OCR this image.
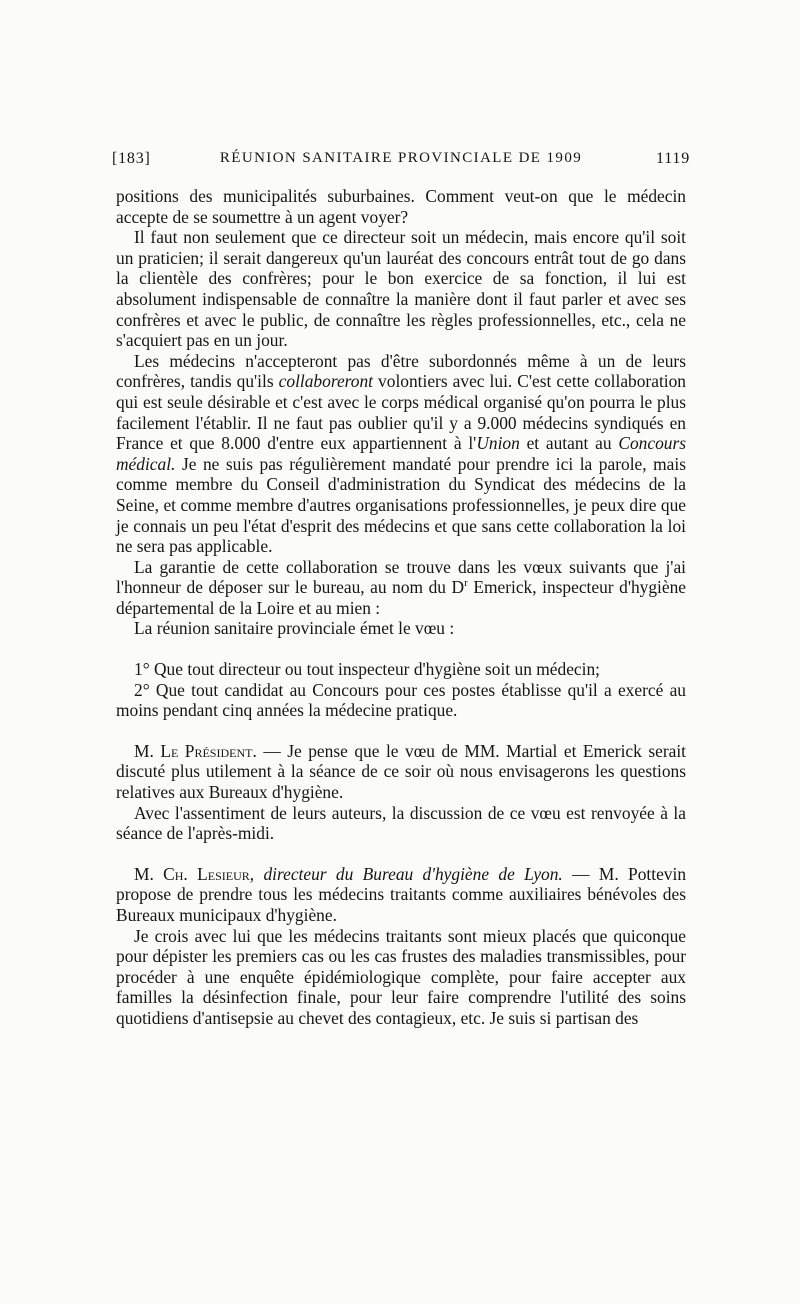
[183]	RÉUNION SANITAIRE PROVINCIALE DE 1909	1119

positions des municipalités suburbaines. Comment veut-on que le médecin accepte de se soumettre à un agent voyer?

Il faut non seulement que ce directeur soit un médecin, mais encore qu'il soit un praticien; il serait dangereux qu'un lauréat des concours entrât tout de go dans la clientèle des confrères; pour le bon exercice de sa fonction, il lui est absolument indispensable de connaître la manière dont il faut parler et avec ses confrères et avec le public, de connaître les règles professionnelles, etc., cela ne s'acquiert pas en un jour.

Les médecins n'accepteront pas d'être subordonnés même à un de leurs confrères, tandis qu'ils collaboreront volontiers avec lui. C'est cette collaboration qui est seule désirable et c'est avec le corps médical organisé qu'on pourra le plus facilement l'établir. Il ne faut pas oublier qu'il y a 9.000 médecins syndiqués en France et que 8.000 d'entre eux appartiennent à l'Union et autant au Concours médical. Je ne suis pas régulièrement mandaté pour prendre ici la parole, mais comme membre du Conseil d'administration du Syndicat des médecins de la Seine, et comme membre d'autres organisations professionnelles, je peux dire que je connais un peu l'état d'esprit des médecins et que sans cette collaboration la loi ne sera pas applicable.

La garantie de cette collaboration se trouve dans les vœux suivants que j'ai l'honneur de déposer sur le bureau, au nom du $D^r$ Emerick, inspecteur d'hygiène départemental de la Loire et au mien :

La réunion sanitaire provinciale émet le vœu :

1° Que tout directeur ou tout inspecteur d'hygiène soit un médecin;

2° Que tout candidat au Concours pour ces postes établisse qu'il a exercé au moins pendant cinq années la médecine pratique.

M. Le Président. — Je pense que le vœu de MM. Martial et Emerick serait discuté plus utilement à la séance de ce soir où nous envisagerons les questions relatives aux Bureaux d'hygiène.

Avec l'assentiment de leurs auteurs, la discussion de ce vœu est renvoyée à la séance de l'après-midi.

M. Ch. Lesieur, directeur du Bureau d'hygiène de Lyon. — M. Pottevin propose de prendre tous les médecins traitants comme auxiliaires bénévoles des Bureaux municipaux d'hygiène.

Je crois avec lui que les médecins traitants sont mieux placés que quiconque pour dépister les premiers cas ou les cas frustes des maladies transmissibles, pour procéder à une enquête épidémiologique complète, pour faire accepter aux familles la désinfection finale, pour leur faire comprendre l'utilité des soins quotidiens d'antisepsie au chevet des contagieux, etc. Je suis si partisan des
